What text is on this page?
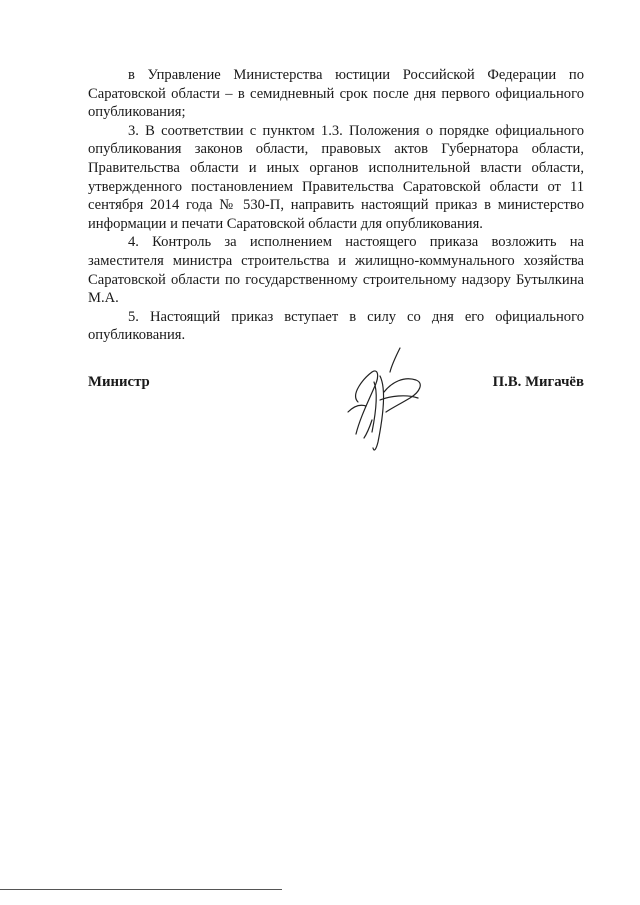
в Управление Министерства юстиции Российской Федерации по Саратовской области – в семидневный срок после дня первого официального опубликования;

3. В соответствии с пунктом 1.3. Положения о порядке официального опубликования законов области, правовых актов Губернатора области, Правительства области и иных органов исполнительной власти области, утвержденного постановлением Правительства Саратовской области от 11 сентября 2014 года № 530-П, направить настоящий приказ в министерство информации и печати Саратовской области для опубликования.

4. Контроль за исполнением настоящего приказа возложить на заместителя министра строительства и жилищно-коммунального хозяйства Саратовской области по государственному строительному надзору Бутылкина М.А.

5. Настоящий приказ вступает в силу со дня его официального опубликования.

Министр	П.В. Мигачёв
